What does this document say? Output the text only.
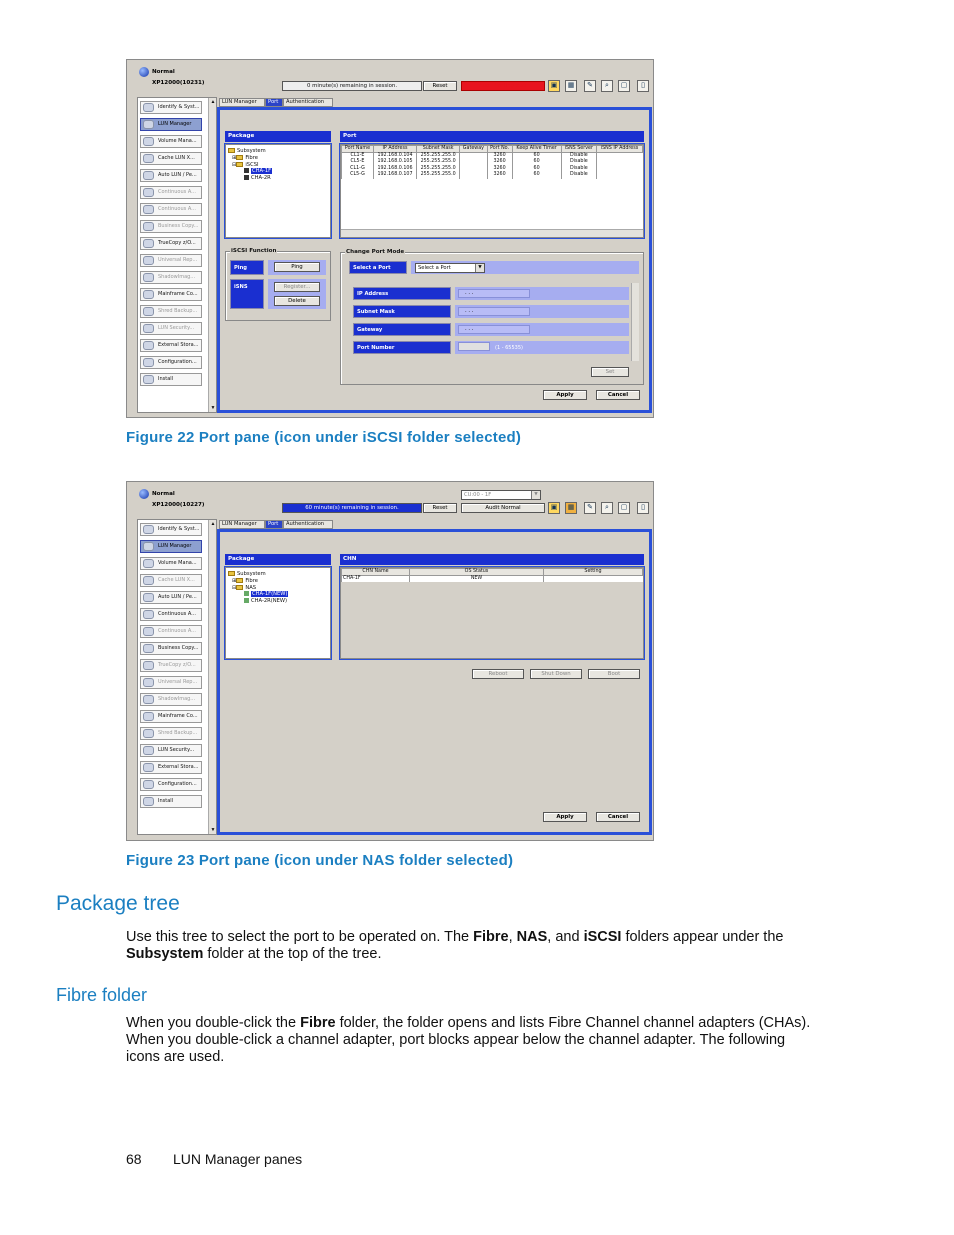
Normal
XP12000(10231)	0 minute(s) remaining in session.	Reset	Audit Writing x.xx	▣	▦	✎	⌕	▢	▯
Identify & Syst...
LUN Manager
Volume Mana...
Cache LUN X...
Auto LUN / Pe...
Continuous A...
Continuous A...
Business Copy...
TrueCopy z/O...
Universal Rep...
ShadowImag...
Mainframe Co...
Shred Backup...
LUN Security...
External Stora...
Configuration...
Install
▲
▼
LUN Manager	Port	Authentication
Package
Subsystem
⊞ Fibre
⊟ iSCSI
CHA-1F
CHA-2R
Port
Port Name	IP Address	Subnet Mask	Gateway	Port No.	Keep Alive Timer	iSNS Server	iSNS IP Address
CL1-E	192.168.0.104	255.255.255.0		3260	60	Disable	
CL5-E	192.168.0.105	255.255.255.0		3260	60	Disable	
CL1-G	192.168.0.106	255.255.255.0		3260	60	Disable	
CL5-G	192.168.0.107	255.255.255.0		3260	60	Disable	
iSCSI Function
Ping	Ping
iSNS	Register...
Delete
Change Port Mode
Select a Port	Select a Port	▼
IP Address	. . .
Subnet Mask	. . .
Gateway	. . .
Port Number	(1 - 65535)
Set
Apply	Cancel
Figure 22 Port pane (icon under iSCSI folder selected)
Normal
XP12000(10227)
CU:00 - 1F	▼
60 minute(s) remaining in session.	Reset	Audit Normal	▣	▦	✎	⌕	▢	▯
Identify & Syst...
LUN Manager
Volume Mana...
Cache LUN X...
Auto LUN / Pe...
Continuous A...
Continuous A...
Business Copy...
TrueCopy z/O...
Universal Rep...
ShadowImag...
Mainframe Co...
Shred Backup...
LUN Security...
External Stora...
Configuration...
Install
▲
▼
LUN Manager	Port	Authentication
Package
Subsystem
⊞ Fibre
⊟ NAS
CHA-1F(NEW)
CHA-2R(NEW)
CHN
CHN Name	OS Status	Setting
CHA-1F	NEW	
Reboot	Shut Down	Boot
Apply	Cancel
Figure 23 Port pane (icon under NAS folder selected)
Package tree
Use this tree to select the port to be operated on. The Fibre, NAS, and iSCSI folders appear under the Subsystem folder at the top of the tree.
Fibre folder
When you double-click the Fibre folder, the folder opens and lists Fibre Channel channel adapters (CHAs). When you double-click a channel adapter, port blocks appear below the channel adapter. The following icons are used.
68 LUN Manager panes
